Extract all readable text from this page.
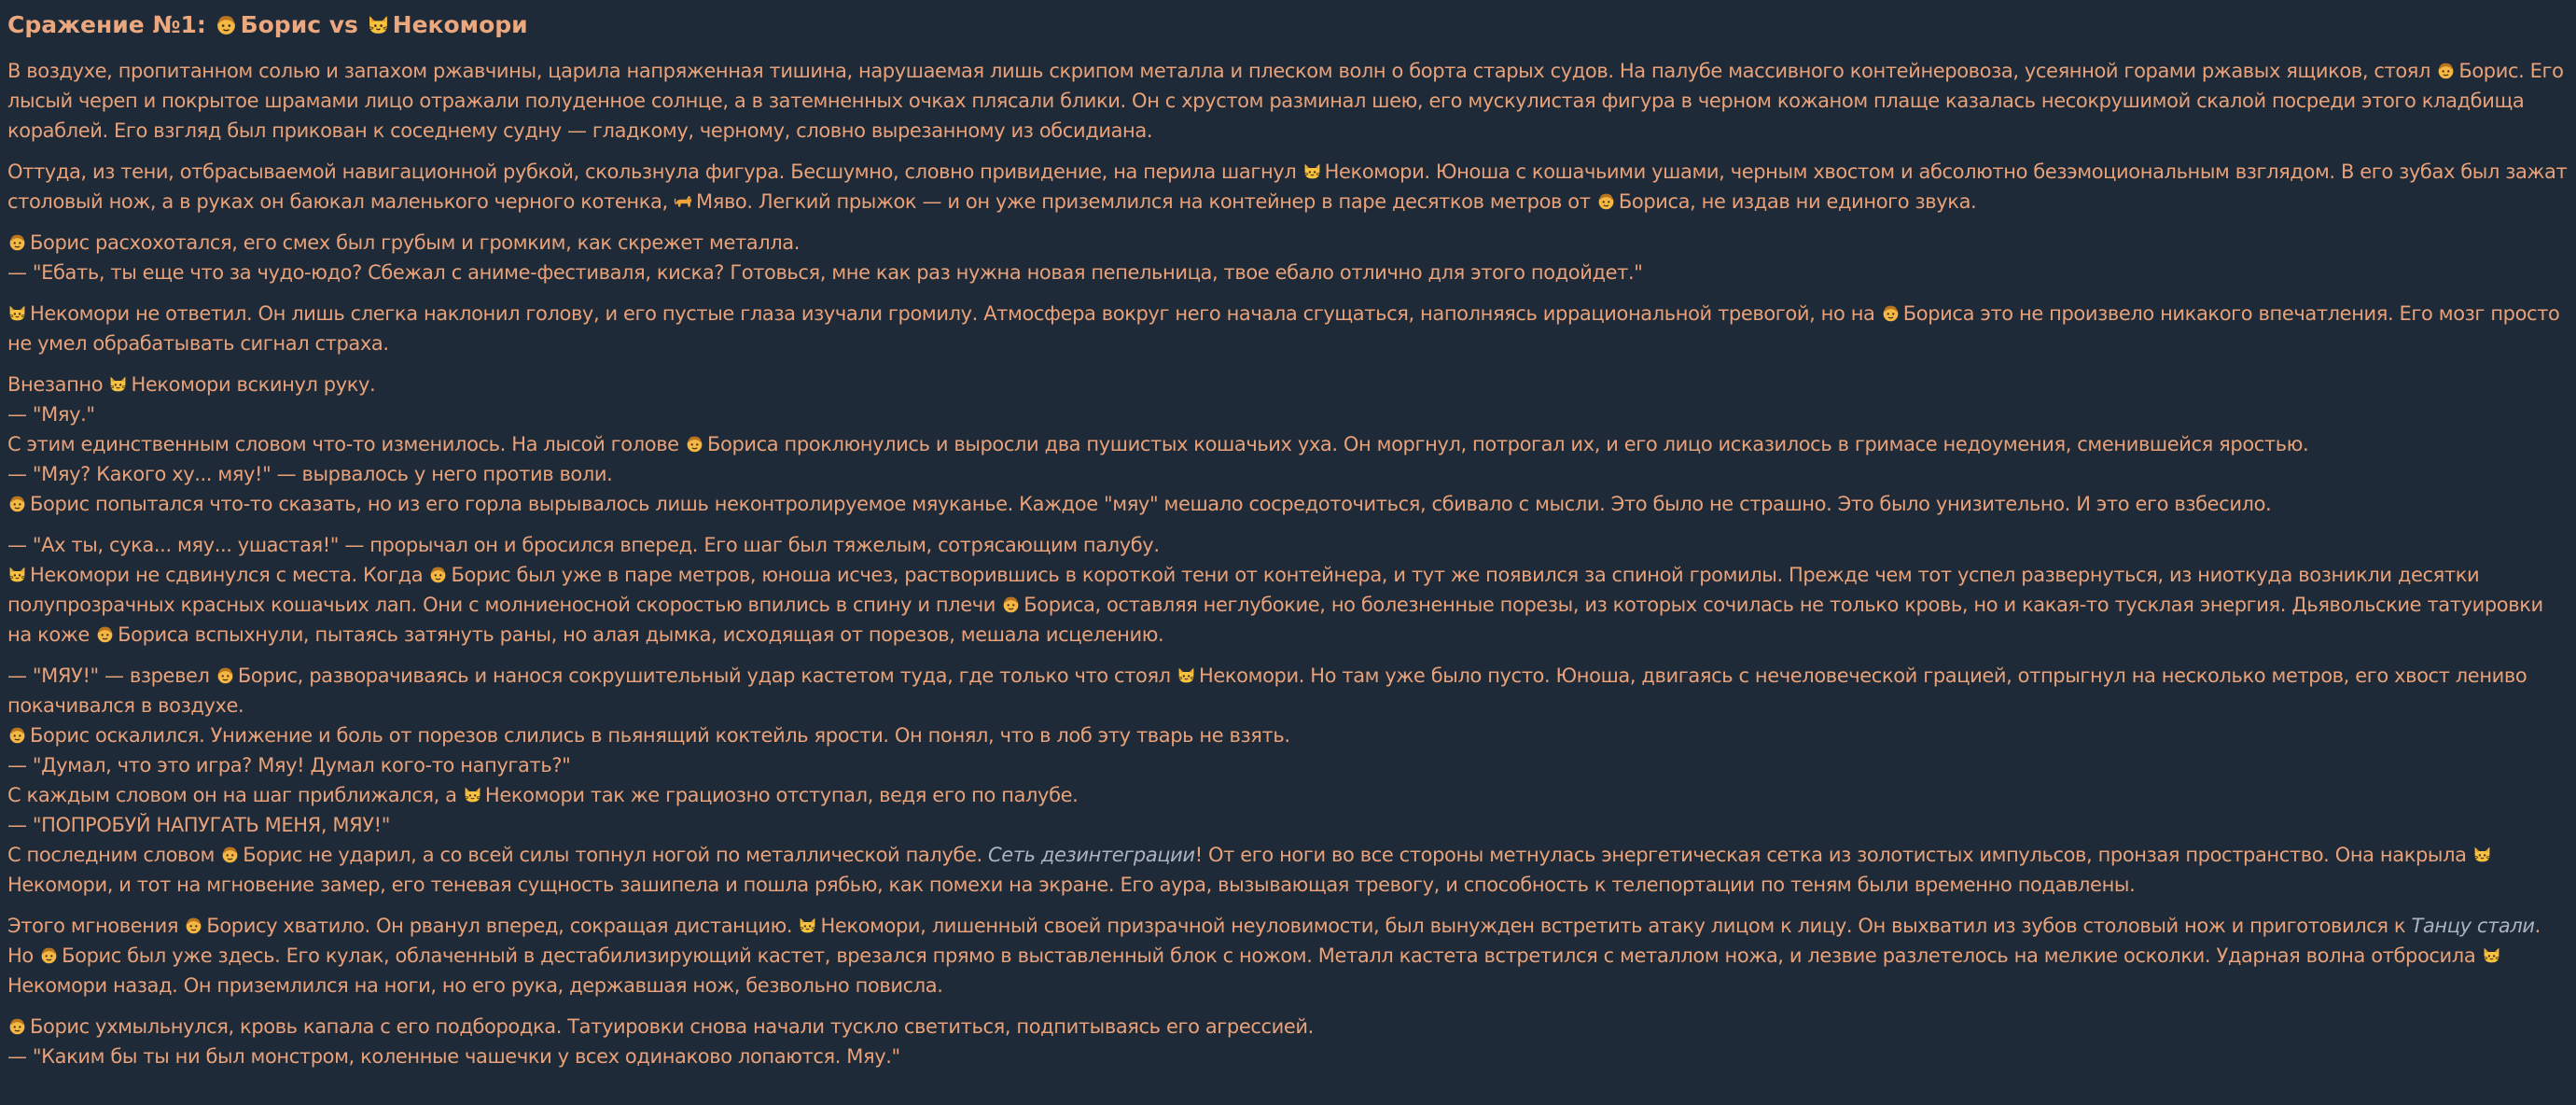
Сражение №1:
Борис vs
Некомори

В воздухе, пропитанном солью и запахом ржавчины, царила напряженная тишина, нарушаемая лишь скрипом металла и плеском волн о борта старых судов. На палубе массивного контейнеровоза, усеянной горами ржавых ящиков, стоял
Борис. Его лысый череп и покрытое шрамами лицо отражали полуденное солнце, а в затемненных очках плясали блики. Он с хрустом разминал шею, его мускулистая фигура в черном кожаном плаще казалась несокрушимой скалой посреди этого кладбища кораблей. Его взгляд был прикован к соседнему судну — гладкому, черному, словно вырезанному из обсидиана.

Оттуда, из тени, отбрасываемой навигационной рубкой, скользнула фигура. Бесшумно, словно привидение, на перила шагнул
Некомори. Юноша с кошачьими ушами, черным хвостом и абсолютно безэмоциональным взглядом. В его зубах был зажат столовый нож, а в руках он баюкал маленького черного котенка,
Мяво. Легкий прыжок — и он уже приземлился на контейнер в паре десятков метров от
Бориса, не издав ни единого звука.

Борис расхохотался, его смех был грубым и громким, как скрежет металла.
— "Ебать, ты еще что за чудо-юдо? Сбежал с аниме-фестиваля, киска? Готовься, мне как раз нужна новая пепельница, твое ебало отлично для этого подойдет."

Некомори не ответил. Он лишь слегка наклонил голову, и его пустые глаза изучали громилу. Атмосфера вокруг него начала сгущаться, наполняясь иррациональной тревогой, но на
Бориса это не произвело никакого впечатления. Его мозг просто не умел обрабатывать сигнал страха.

Внезапно
Некомори вскинул руку.
— "Мяу."
С этим единственным словом что-то изменилось. На лысой голове
Бориса проклюнулись и выросли два пушистых кошачьих уха. Он моргнул, потрогал их, и его лицо исказилось в гримасе недоумения, сменившейся яростью.
— "Мяу? Какого ху... мяу!" — вырвалось у него против воли.

Борис попытался что-то сказать, но из его горла вырывалось лишь неконтролируемое мяуканье. Каждое "мяу" мешало сосредоточиться, сбивало с мысли. Это было не страшно. Это было унизительно. И это его взбесило.

— "Ах ты, сука... мяу... ушастая!" — прорычал он и бросился вперед. Его шаг был тяжелым, сотрясающим палубу.

Некомори не сдвинулся с места. Когда
Борис был уже в паре метров, юноша исчез, растворившись в короткой тени от контейнера, и тут же появился за спиной громилы. Прежде чем тот успел развернуться, из ниоткуда возникли десятки полупрозрачных красных кошачьих лап. Они с молниеносной скоростью впились в спину и плечи
Бориса, оставляя неглубокие, но болезненные порезы, из которых сочилась не только кровь, но и какая-то тусклая энергия. Дьявольские татуировки на коже
Бориса вспыхнули, пытаясь затянуть раны, но алая дымка, исходящая от порезов, мешала исцелению.

— "МЯУ!" — взревел
Борис, разворачиваясь и нанося сокрушительный удар кастетом туда, где только что стоял
Некомори. Но там уже было пусто. Юноша, двигаясь с нечеловеческой грацией, отпрыгнул на несколько метров, его хвост лениво покачивался в воздухе.

Борис оскалился. Унижение и боль от порезов слились в пьянящий коктейль ярости. Он понял, что в лоб эту тварь не взять.
— "Думал, что это игра? Мяу! Думал кого-то напугать?"
С каждым словом он на шаг приближался, а
Некомори так же грациозно отступал, ведя его по палубе.
— "ПОПРОБУЙ НАПУГАТЬ МЕНЯ, МЯУ!"
С последним словом
Борис не ударил, а со всей силы топнул ногой по металлической палубе. Сеть дезинтеграции! От его ноги во все стороны метнулась энергетическая сетка из золотистых импульсов, пронзая пространство. Она накрыла
Некомори, и тот на мгновение замер, его теневая сущность зашипела и пошла рябью, как помехи на экране. Его аура, вызывающая тревогу, и способность к телепортации по теням были временно подавлены.

Этого мгновения
Борису хватило. Он рванул вперед, сокращая дистанцию.
Некомори, лишенный своей призрачной неуловимости, был вынужден встретить атаку лицом к лицу. Он выхватил из зубов столовый нож и приготовился к Танцу стали. Но
Борис был уже здесь. Его кулак, облаченный в дестабилизирующий кастет, врезался прямо в выставленный блок с ножом. Металл кастета встретился с металлом ножа, и лезвие разлетелось на мелкие осколки. Ударная волна отбросила
Некомори назад. Он приземлился на ноги, но его рука, державшая нож, безвольно повисла.

Борис ухмыльнулся, кровь капала с его подбородка. Татуировки снова начали тускло светиться, подпитываясь его агрессией.
— "Каким бы ты ни был монстром, коленные чашечки у всех одинаково лопаются. Мяу."
